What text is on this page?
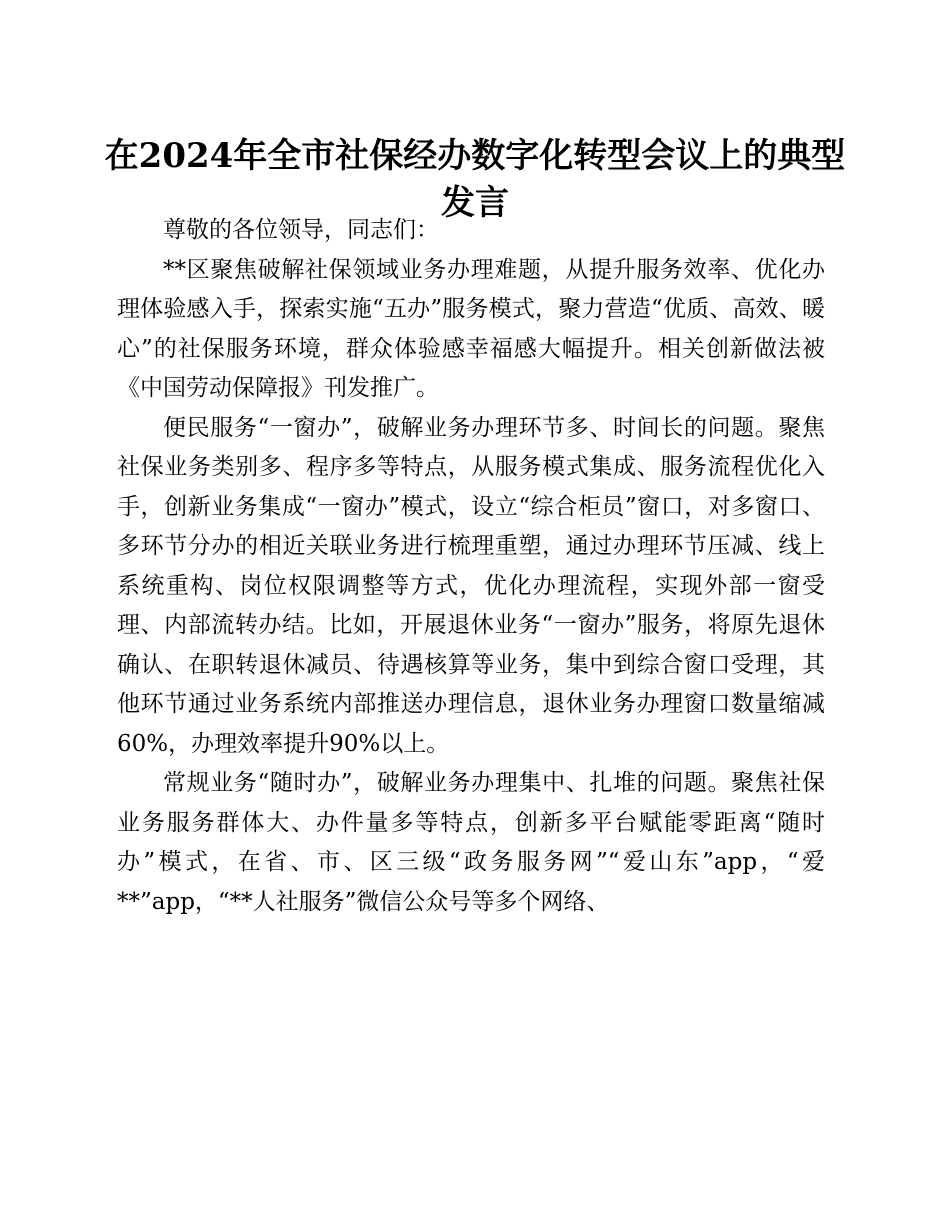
在2024年全市社保经办数字化转型会议上的典型发言

尊敬的各位领导，同志们：

**区聚焦破解社保领域业务办理难题，从提升服务效率、优化办理体验感入手，探索实施“五办”服务模式，聚力营造“优质、高效、暖心”的社保服务环境，群众体验感幸福感大幅提升。相关创新做法被《中国劳动保障报》刊发推广。

便民服务“一窗办”，破解业务办理环节多、时间长的问题。聚焦社保业务类别多、程序多等特点，从服务模式集成、服务流程优化入手，创新业务集成“一窗办”模式，设立“综合柜员”窗口，对多窗口、多环节分办的相近关联业务进行梳理重塑，通过办理环节压减、线上系统重构、岗位权限调整等方式，优化办理流程，实现外部一窗受理、内部流转办结。比如，开展退休业务“一窗办”服务，将原先退休确认、在职转退休减员、待遇核算等业务，集中到综合窗口受理，其他环节通过业务系统内部推送办理信息，退休业务办理窗口数量缩减60%，办理效率提升90%以上。

常规业务“随时办”，破解业务办理集中、扎堆的问题。聚焦社保业务服务群体大、办件量多等特点，创新多平台赋能零距离“随时办”模式，在省、市、区三级“政务服务网”“爱山东”app，“爱**”app，“**人社服务”微信公众号等多个网络、
